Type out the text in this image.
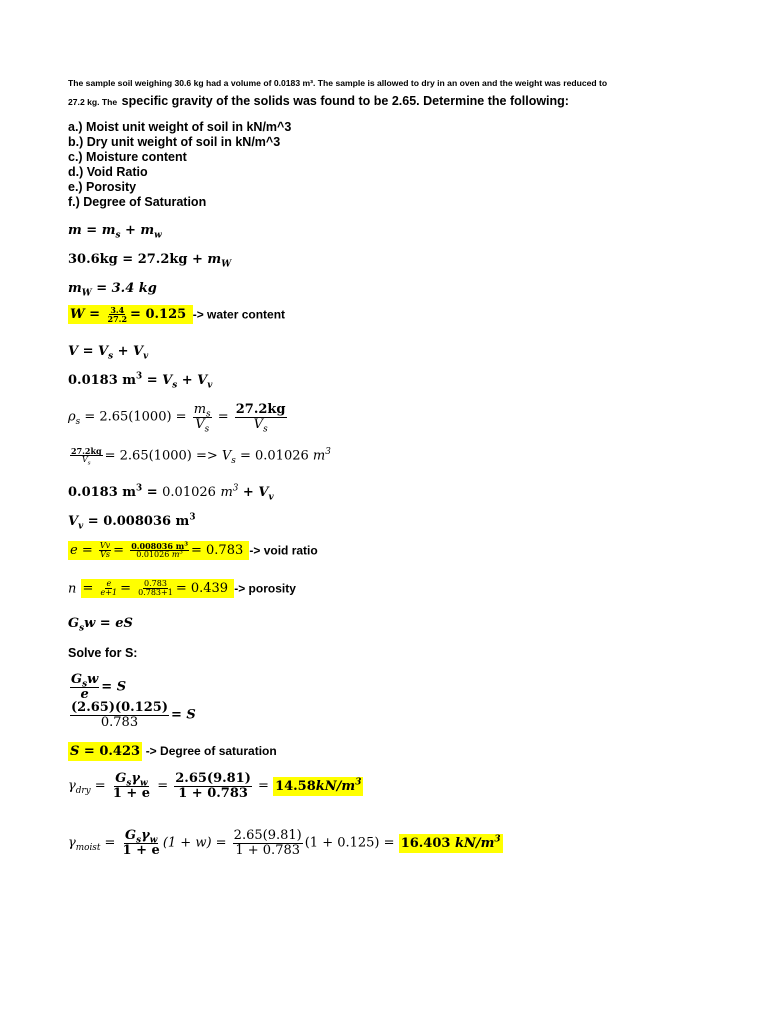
The sample soil weighing 30.6 kg had a volume of 0.0183 m³. The sample is allowed to dry in an oven and the weight was reduced to
27.2 kg. The specific gravity of the solids was found to be 2.65. Determine the following:
a.) Moist unit weight of soil in kN/m^3
b.) Dry unit weight of soil in kN/m^3
c.) Moisture content
d.) Void Ratio
e.) Porosity
f.) Degree of Saturation
$m = m_s + m_w$
$30.6kg = 27.2kg + m_W$
$m_W = 3.4$ kg
$W = \frac{3.4}{27.2} = 0.125$ -> water content
$V = V_s + V_v$
0.0183 $m^3 = V_s + V_v$
$\rho_s = 2.65(1000) = \frac{m_s}{V_s} = \frac{27.2kg}{V_s}$
$\frac{27.2kg}{V_s} = 2.65(1000) => V_s = 0.01026$ $m^3$
0.0183 $m^3 = 0.01026$ $m^3 + V_v$
$V_v = 0.008036$ $m^3$
$e = \frac{Vv}{Vs} = \frac{0.008036 m^3}{0.01026 m^3} = 0.783$ -> void ratio
$n = \frac{e}{e+1} = \frac{0.783}{0.783+1} = 0.439$ -> porosity
$G_sw$ = eS
Solve for S:
$\frac{G_sw}{e} = S$
$\frac{(2.65)(0.125)}{0.783} = S$
S = 0.423 -> Degree of saturation
$\gamma_{dry} = \frac{G_s\gamma_w}{1 + e} = \frac{2.65(9.81)}{1 + 0.783} = 14.58kN/m^3$
$\gamma_{moist} = \frac{G_s\gamma_w}{1 + e} (1 + w) = \frac{2.65(9.81)}{1 + 0.783} (1 + 0.125) = 16.403$ $kN/m^3$
